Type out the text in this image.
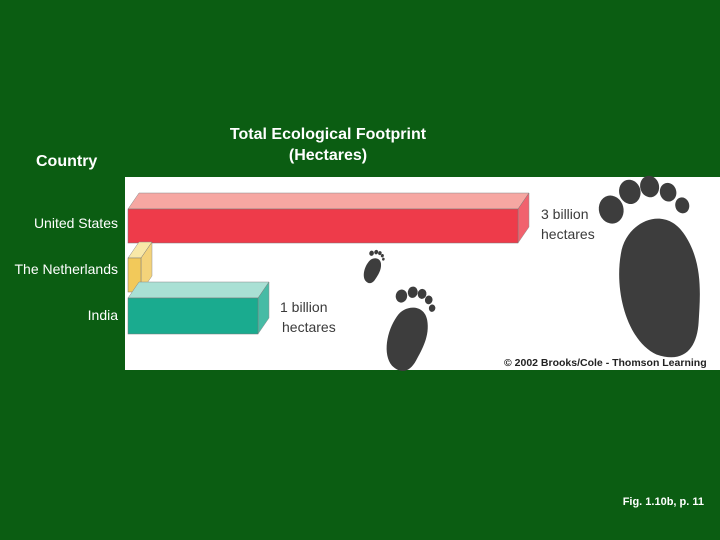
Country
Total Ecological Footprint
(Hectares)
United States
3 billion
hectares
The Netherlands	94 million hectares
India	1 billion
hectares
© 2002 Brooks/Cole - Thomson Learning
Fig. 1.10b, p. 11
